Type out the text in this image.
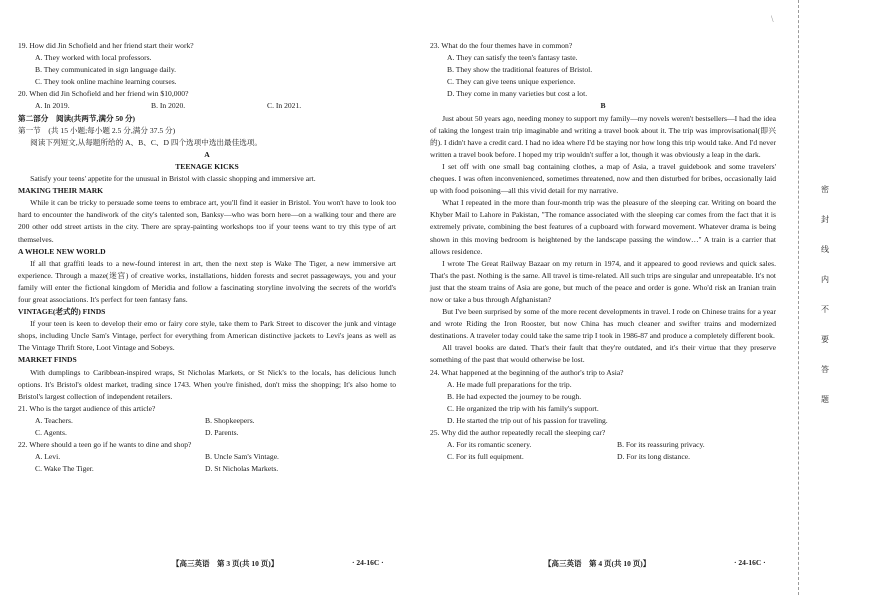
19. How did Jin Schofield and her friend start their work?

A. They worked with local professors.

B. They communicated in sign language daily.

C. They took online machine learning courses.

20. When did Jin Schofield and her friend win $10,000?

A. In 2019.	B. In 2020.	C. In 2021.

第二部分　阅读(共两节,满分 50 分)

第一节　(共 15 小题;每小题 2.5 分,满分 37.5 分)

阅读下列短文,从每题所给的 A、B、C、D 四个选项中选出最佳选项。

A

TEENAGE KICKS

Satisfy your teens' appetite for the unusual in Bristol with classic shopping and immersive art.

MAKING THEIR MARK

While it can be tricky to persuade some teens to embrace art, you'll find it easier in Bristol. You won't have to look too hard to encounter the handiwork of the city's talented son, Banksy—who was born here—on a walking tour and there are 200 other odd street artists in the city. There are spray-painting workshops too if your teens want to try this type of art themselves.

A WHOLE NEW WORLD

If all that graffiti leads to a new-found interest in art, then the next step is Wake The Tiger, a new immersive art experience. Through a maze(迷宫) of creative works, installations, hidden forests and secret passageways, you and your family will enter the fictional kingdom of Meridia and follow a fascinating storyline involving the secrets of the world's four great associations. It's perfect for teen fantasy fans.

VINTAGE(老式的) FINDS

If your teen is keen to develop their emo or fairy core style, take them to Park Street to discover the junk and vintage shops, including Uncle Sam's Vintage, perfect for everything from American distinctive jackets to Levi's jeans as well as The Vintage Thrift Store, Loot Vintage and Sobeys.

MARKET FINDS

With dumplings to Caribbean-inspired wraps, St Nicholas Markets, or St Nick's to the locals, has delicious lunch options. It's Bristol's oldest market, trading since 1743. When you're finished, don't miss the shopping; It's also home to Bristol's largest collection of independent retailers.

21. Who is the target audience of this article?

A. Teachers.	B. Shopkeepers.
C. Agents.	D. Parents.

22. Where should a teen go if he wants to dine and shop?

A. Levi.	B. Uncle Sam's Vintage.
C. Wake The Tiger.	D. St Nicholas Markets.

23. What do the four themes have in common?

A. They can satisfy the teen's fantasy taste.

B. They show the traditional features of Bristol.

C. They can give teens unique experience.

D. They come in many varieties but cost a lot.

B

Just about 50 years ago, needing money to support my family—my novels weren't bestsellers—I had the idea of taking the longest train trip imaginable and writing a travel book about it. The trip was improvisational(即兴的). I didn't have a credit card. I had no idea where I'd be staying nor how long this trip would take. And I'd never written a travel book before. I hoped my trip wouldn't suffer a lot, though it was obviously a leap in the dark.

I set off with one small bag containing clothes, a map of Asia, a travel guidebook and some travelers' cheques. I was often inconvenienced, sometimes threatened, now and then disturbed for bribes, occasionally laid up with food poisoning—all this vivid detail for my narrative.

What I repeated in the more than four-month trip was the pleasure of the sleeping car. Writing on board the Khyber Mail to Lahore in Pakistan, "The romance associated with the sleeping car comes from the fact that it is extremely private, combining the best features of a cupboard with forward movement. Whatever drama is being shown in this moving bedroom is heightened by the landscape passing the window…" A train is a carrier that allows residence.

I wrote The Great Railway Bazaar on my return in 1974, and it appeared to good reviews and quick sales. That's the past. Nothing is the same. All travel is time-related. All such trips are singular and unrepeatable. It's not just that the steam trains of Asia are gone, but much of the peace and order is gone. Who'd risk an Iranian train now or take a bus through Afghanistan?

But I've been surprised by some of the more recent developments in travel. I rode on Chinese trains for a year and wrote Riding the Iron Rooster, but now China has much cleaner and swifter trains and modernized destinations. A traveler today could take the same trip I took in 1986-87 and produce a completely different book.

All travel books are dated. That's their fault that they're outdated, and it's their virtue that they preserve something of the past that would otherwise be lost.

24. What happened at the beginning of the author's trip to Asia?

A. He made full preparations for the trip.

B. He had expected the journey to be rough.

C. He organized the trip with his family's support.

D. He started the trip out of his passion for traveling.

25. Why did the author repeatedly recall the sleeping car?

A. For its romantic scenery.	B. For its reassuring privacy.
C. For its full equipment.	D. For its long distance.
【高三英语　第 3 页(共 10 页)】	· 24-16C ·	【高三英语　第 4 页(共 10 页)】	· 24-16C ·
\
密
封
线
内
不
要
答
题
